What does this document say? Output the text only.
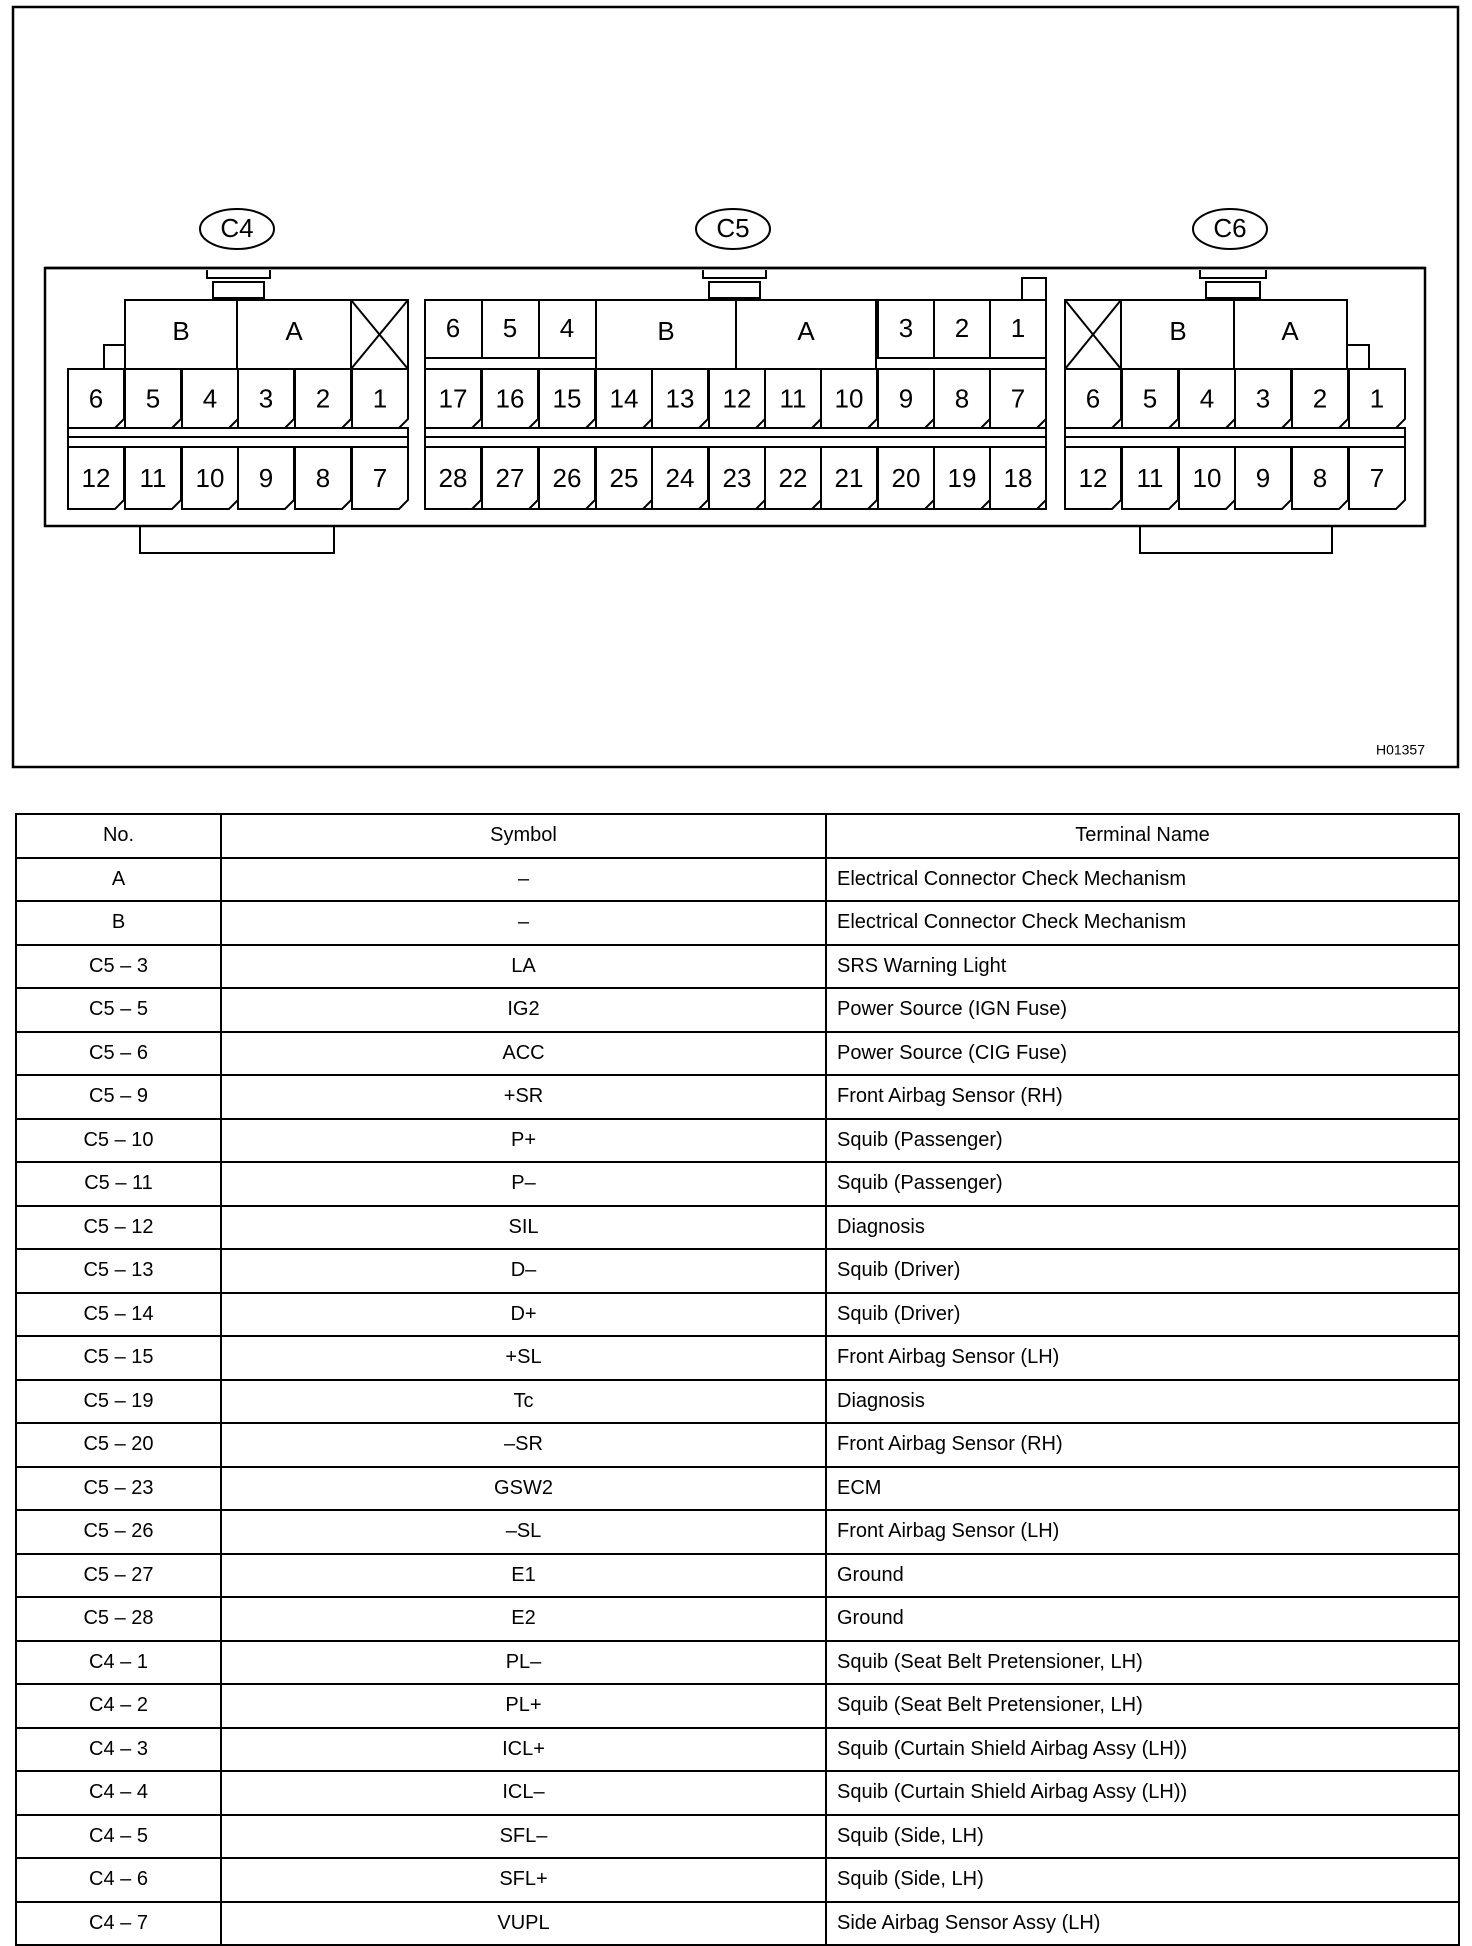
H01357
C4
B	A
6 5 4 3 2 1
12 11 10 9 8 7
C5
17 16 15 14 13 12 11 10 9 8 7
28 27 26 25 24 23 22 21 20 19 18
6 5 4	B	A	3 2 1
C6
B	A
6 5 4 3 2 1
12 11 10 9 8 7
No.	Symbol	Terminal Name
A	–	Electrical Connector Check Mechanism
B	–	Electrical Connector Check Mechanism
C5 – 3	LA	SRS Warning Light
C5 – 5	IG2	Power Source (IGN Fuse)
C5 – 6	ACC	Power Source (CIG Fuse)
C5 – 9	+SR	Front Airbag Sensor (RH)
C5 – 10	P+	Squib (Passenger)
C5 – 11	P–	Squib (Passenger)
C5 – 12	SIL	Diagnosis
C5 – 13	D–	Squib (Driver)
C5 – 14	D+	Squib (Driver)
C5 – 15	+SL	Front Airbag Sensor (LH)
C5 – 19	Tc	Diagnosis
C5 – 20	–SR	Front Airbag Sensor (RH)
C5 – 23	GSW2	ECM
C5 – 26	–SL	Front Airbag Sensor (LH)
C5 – 27	E1	Ground
C5 – 28	E2	Ground
C4 – 1	PL–	Squib (Seat Belt Pretensioner, LH)
C4 – 2	PL+	Squib (Seat Belt Pretensioner, LH)
C4 – 3	ICL+	Squib (Curtain Shield Airbag Assy (LH))
C4 – 4	ICL–	Squib (Curtain Shield Airbag Assy (LH))
C4 – 5	SFL–	Squib (Side, LH)
C4 – 6	SFL+	Squib (Side, LH)
C4 – 7	VUPL	Side Airbag Sensor Assy (LH)
